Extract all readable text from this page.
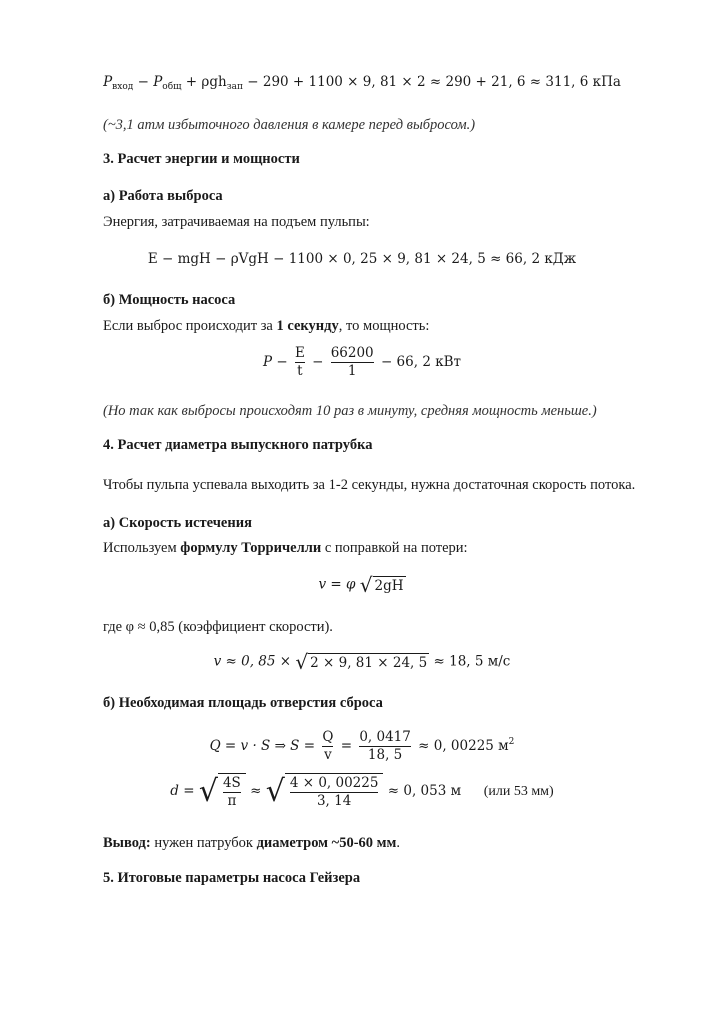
$P_{вход} - P_{общ} + \rho gh_{зап} - 290 + 1100 \times 9$, 81 × 2 ≈ 290 + 21, 6 ≈ 311, 6 кПа
(~3,1 атм избыточного давления в камере перед выбросом.)
3. Расчет энергии и мощности
а) Работа выброса
Энергия, затрачиваемая на подъем пульпы:
E − mgH − ρVgH − 1100 × 0, 25 × 9, 81 × 24, 5 ≈ 66, 2 кДж
б) Мощность насоса
Если выброс происходит за 1 секунду, то мощность:
$P - \frac{E}{t} - \frac{66200}{1} - 66$, 2 кВт
(Но так как выбросы происходят 10 раз в минуту, средняя мощность меньше.)
4. Расчет диаметра выпускного патрубка
Чтобы пульпа успевала выходить за 1-2 секунды, нужна достаточная скорость потока.
а) Скорость истечения
Используем формулу Торричелли с поправкой на потери:
v = φ √ 2gH
где φ ≈ 0,85 (коэффициент скорости).
v ≈ 0, 85 × √ 2 × 9, 81 × 24, 5 ≈ 18, 5 м/с
б) Необходимая площадь отверстия сброса
Q = v · S ⇒ $S = \frac{Q}{v} = \frac{0, 0417}{18, 5} \approx 0$, 00225 $м^2$
d = √ $\frac{4S}{\pi}$ ≈ √ $\frac{4 \times 0, 00225}{3, 14} \approx 0$, 053 м (или 53 мм)
Вывод: нужен патрубок диаметром ~50-60 мм.
5. Итоговые параметры насоса Гейзера
